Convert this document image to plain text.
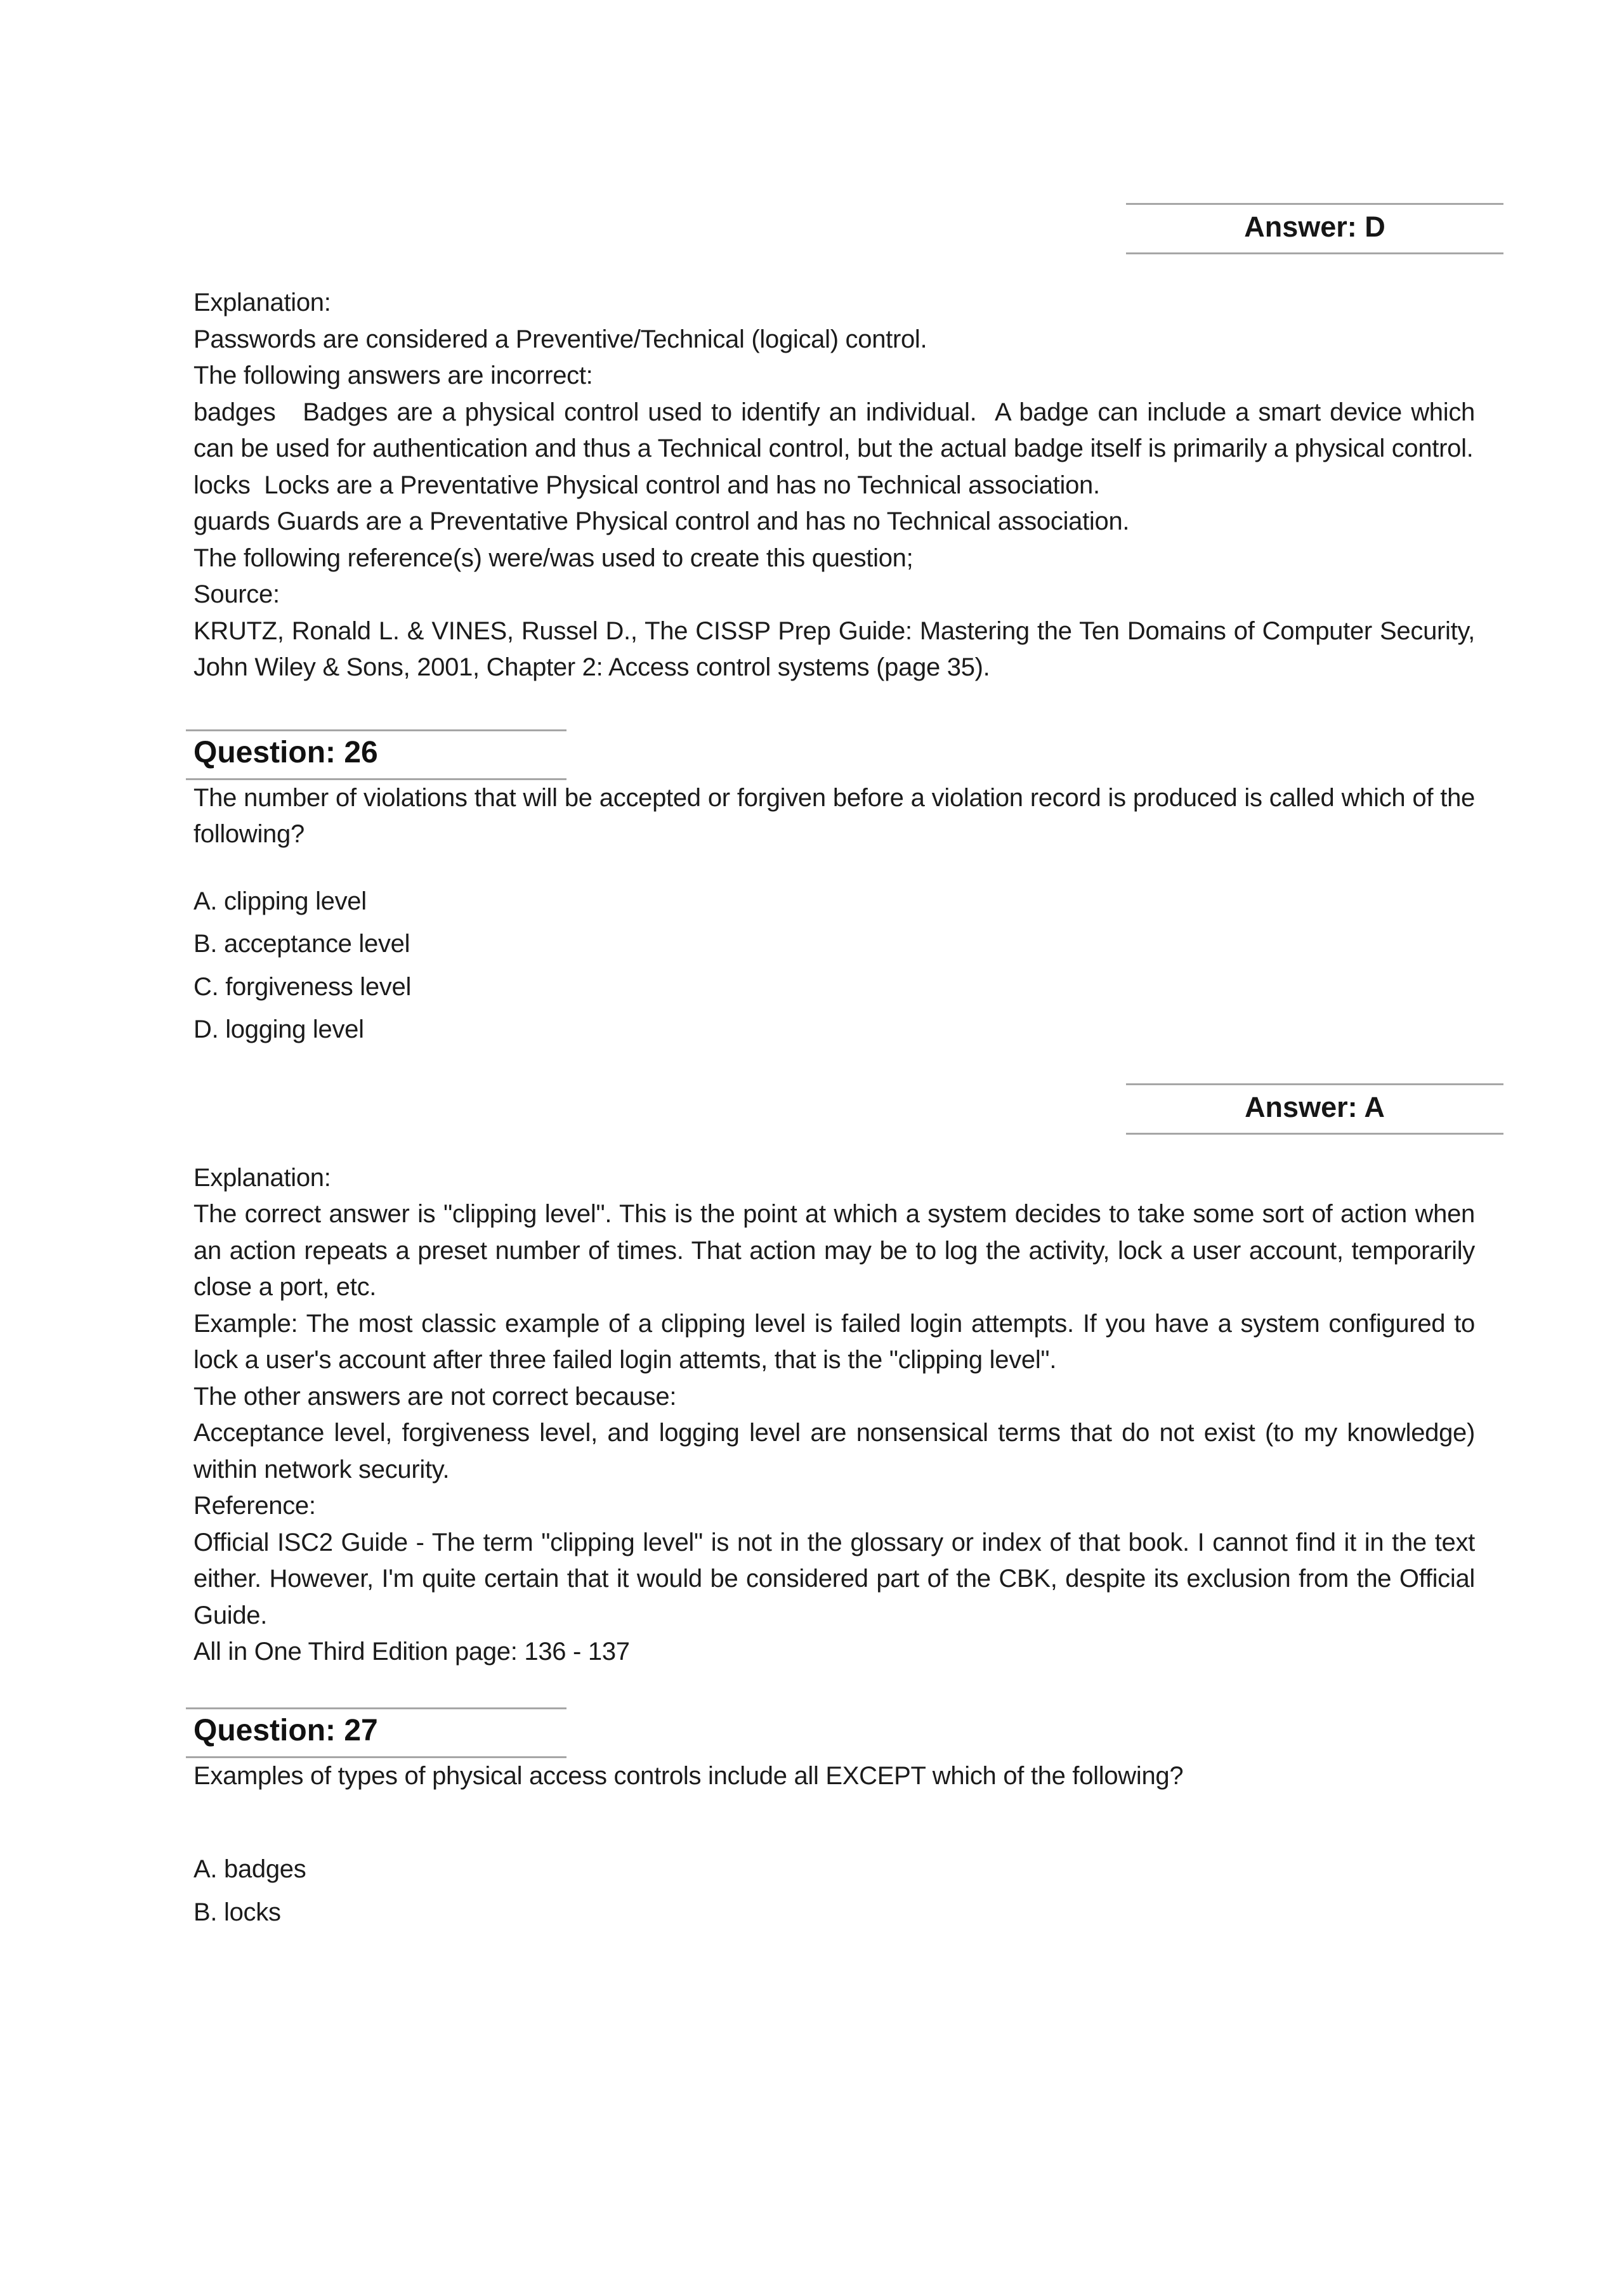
Answer: D

Explanation:

Passwords are considered a Preventive/Technical (logical) control.

The following answers are incorrect:

badges   Badges are a physical control used to identify an individual.  A badge can include a smart device which can be used for authentication and thus a Technical control, but the actual badge itself is primarily a physical control.

locks  Locks are a Preventative Physical control and has no Technical association.

guards Guards are a Preventative Physical control and has no Technical association.

The following reference(s) were/was used to create this question;

Source:

KRUTZ, Ronald L. & VINES, Russel D., The CISSP Prep Guide: Mastering the Ten Domains of Computer Security, John Wiley & Sons, 2001, Chapter 2: Access control systems (page 35).

Question: 26

The number of violations that will be accepted or forgiven before a violation record is produced is called which of the following?

A. clipping level

B. acceptance level

C. forgiveness level

D. logging level

Answer: A

Explanation:

The correct answer is "clipping level". This is the point at which a system decides to take some sort of action when an action repeats a preset number of times. That action may be to log the activity, lock a user account, temporarily close a port, etc.

Example: The most classic example of a clipping level is failed login attempts. If you have a system configured to lock a user's account after three failed login attemts, that is the "clipping level".

The other answers are not correct because:

Acceptance level, forgiveness level, and logging level are nonsensical terms that do not exist (to my knowledge) within network security.

Reference:

Official ISC2 Guide - The term "clipping level" is not in the glossary or index of that book. I cannot find it in the text either. However, I'm quite certain that it would be considered part of the CBK, despite its exclusion from the Official Guide.

All in One Third Edition page: 136 - 137

Question: 27

Examples of types of physical access controls include all EXCEPT which of the following?

A. badges

B. locks
